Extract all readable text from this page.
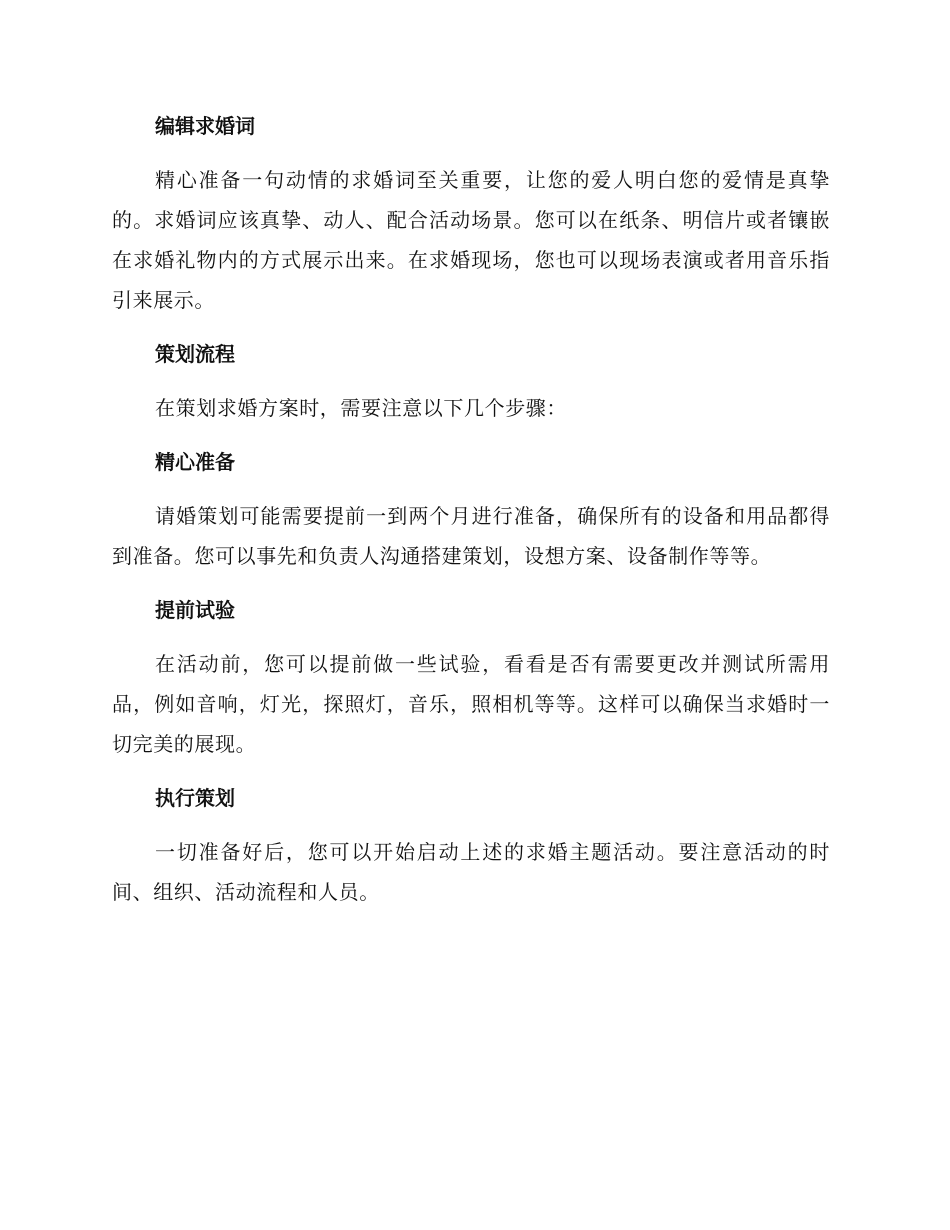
编辑求婚词

精心准备一句动情的求婚词至关重要，让您的爱人明白您的爱情是真挚的。求婚词应该真挚、动人、配合活动场景。您可以在纸条、明信片或者镶嵌在求婚礼物内的方式展示出来。在求婚现场，您也可以现场表演或者用音乐指引来展示。

策划流程

在策划求婚方案时，需要注意以下几个步骤：

精心准备

请婚策划可能需要提前一到两个月进行准备，确保所有的设备和用品都得到准备。您可以事先和负责人沟通搭建策划，设想方案、设备制作等等。

提前试验

在活动前，您可以提前做一些试验，看看是否有需要更改并测试所需用品，例如音响，灯光，探照灯，音乐，照相机等等。这样可以确保当求婚时一切完美的展现。

执行策划

一切准备好后，您可以开始启动上述的求婚主题活动。要注意活动的时间、组织、活动流程和人员。
